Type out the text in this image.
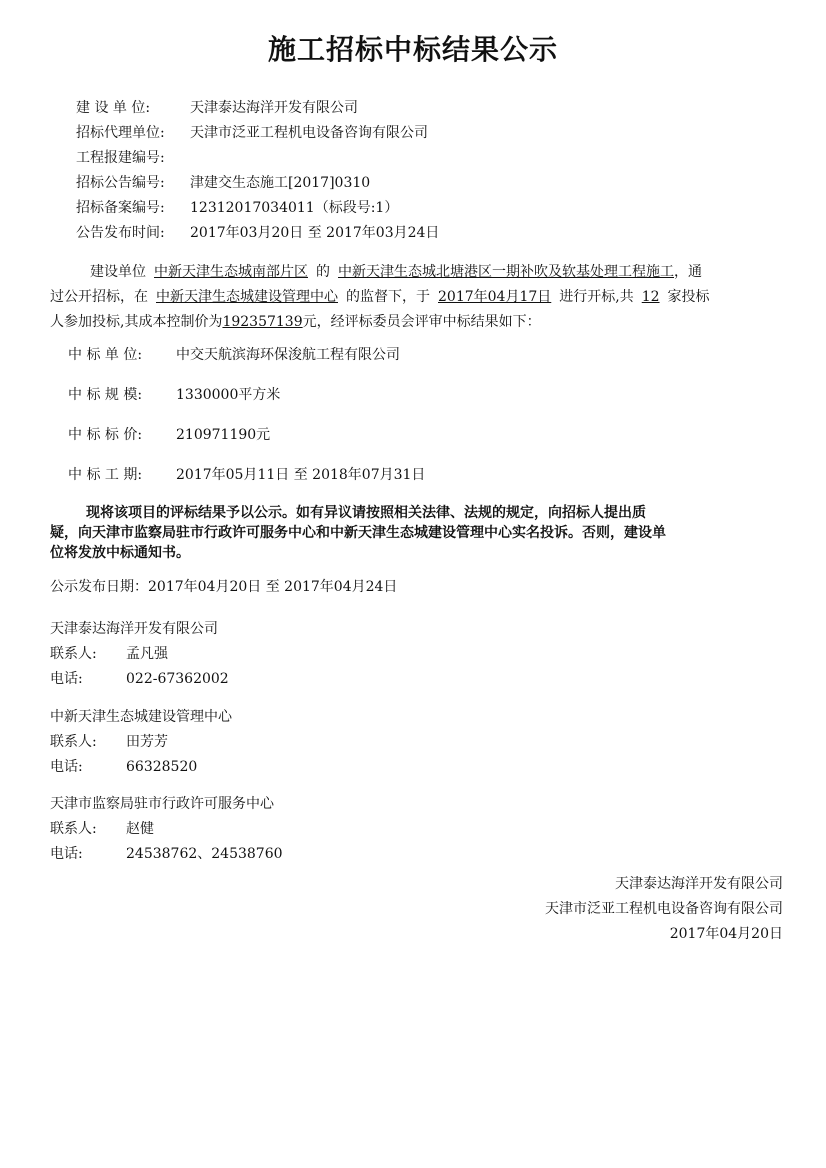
施工招标中标结果公示
建 设 单 位:	天津泰达海洋开发有限公司
招标代理单位: 天津市泛亚工程机电设备咨询有限公司
工程报建编号:
招标公告编号: 津建交生态施工[2017]0310
招标备案编号: 12312017034011（标段号:1）
公告发布时间: 2017年03月20日 至 2017年03月24日
建设单位 中新天津生态城南部片区 的 中新天津生态城北塘港区一期补吹及软基处理工程施工，通
过公开招标，在 中新天津生态城建设管理中心 的监督下，于 2017年04月17日 进行开标,共 12 家投标
人参加投标,其成本控制价为192357139元，经评标委员会评审中标结果如下：
中 标 单 位: 中交天航滨海环保浚航工程有限公司
中 标 规 模: 1330000平方米
中 标 标 价: 210971190元
中 标 工 期: 2017年05月11日 至 2018年07月31日
现将该项目的评标结果予以公示。如有异议请按照相关法律、法规的规定，向招标人提出质
疑，向天津市监察局驻市行政许可服务中心和中新天津生态城建设管理中心实名投诉。否则，建设单
位将发放中标通知书。
公示发布日期：2017年04月20日 至 2017年04月24日
天津泰达海洋开发有限公司
联系人: 孟凡强
电话:	022-67362002
中新天津生态城建设管理中心
联系人: 田芳芳
电话:	66328520
天津市监察局驻市行政许可服务中心
联系人: 赵健
电话:	24538762、24538760
天津泰达海洋开发有限公司
天津市泛亚工程机电设备咨询有限公司
2017年04月20日
